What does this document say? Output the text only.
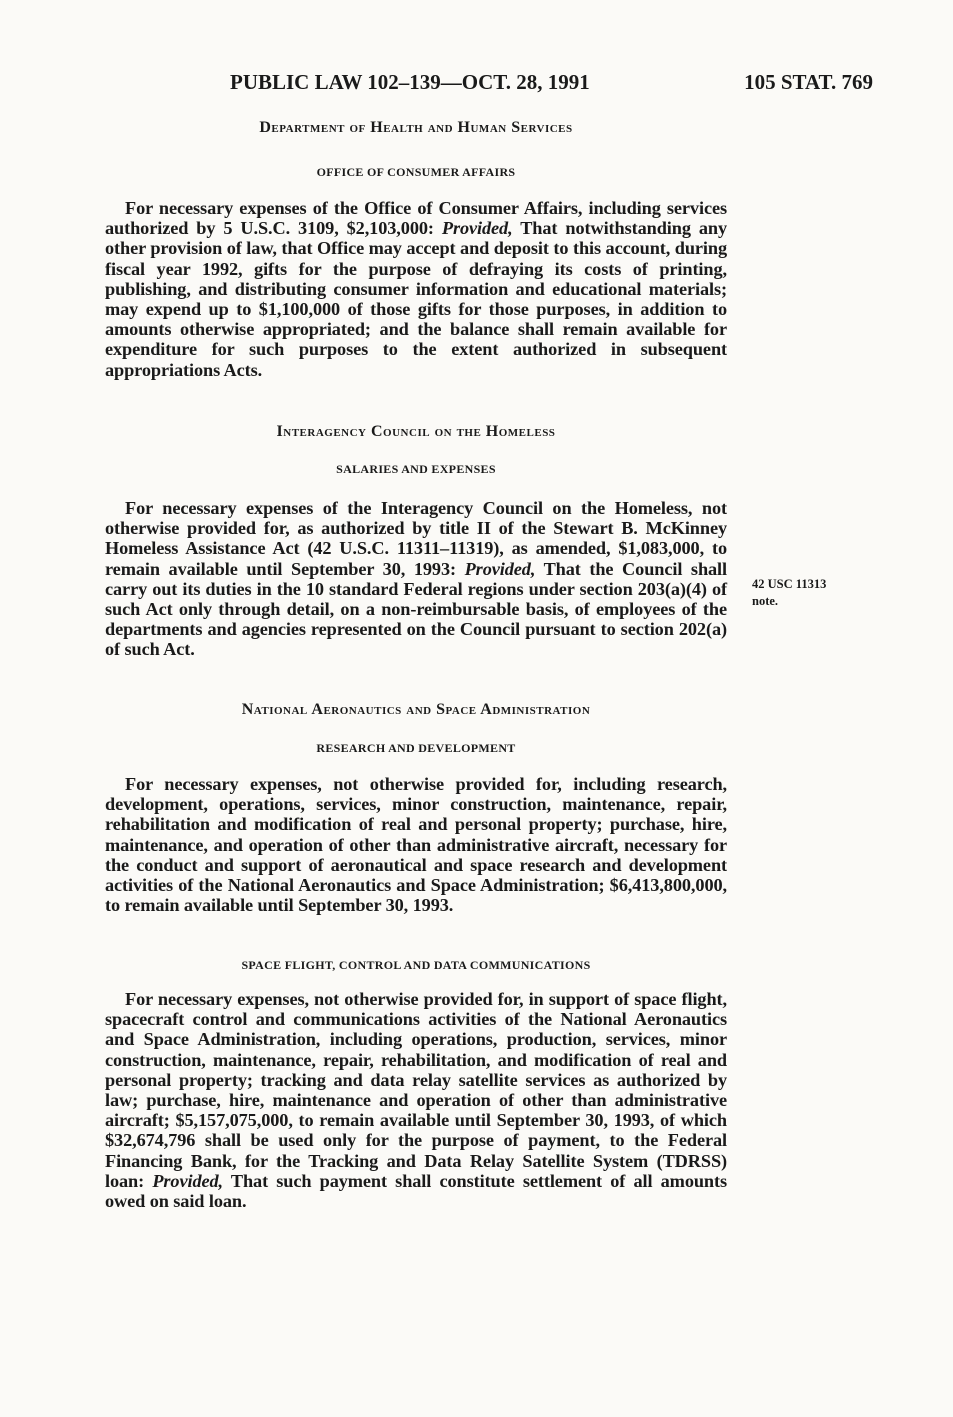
PUBLIC LAW 102–139—OCT. 28, 1991	105 STAT. 769
Department of Health and Human Services
OFFICE OF CONSUMER AFFAIRS

For necessary expenses of the Office of Consumer Affairs, including services authorized by 5 U.S.C. 3109, $2,103,000: Provided, That notwithstanding any other provision of law, that Office may accept and deposit to this account, during fiscal year 1992, gifts for the purpose of defraying its costs of printing, publishing, and distributing consumer information and educational materials; may expend up to $1,100,000 of those gifts for those purposes, in addition to amounts otherwise appropriated; and the balance shall remain available for expenditure for such purposes to the extent authorized in subsequent appropriations Acts.

Interagency Council on the Homeless
SALARIES AND EXPENSES

For necessary expenses of the Interagency Council on the Homeless, not otherwise provided for, as authorized by title II of the Stewart B. McKinney Homeless Assistance Act (42 U.S.C. 11311–11319), as amended, $1,083,000, to remain available until September 30, 1993: Provided, That the Council shall carry out its duties in the 10 standard Federal regions under section 203(a)(4) of such Act only through detail, on a non-reimbursable basis, of employees of the departments and agencies represented on the Council pursuant to section 202(a) of such Act.

42 USC 11313
note.
National Aeronautics and Space Administration
RESEARCH AND DEVELOPMENT

For necessary expenses, not otherwise provided for, including research, development, operations, services, minor construction, maintenance, repair, rehabilitation and modification of real and personal property; purchase, hire, maintenance, and operation of other than administrative aircraft, necessary for the conduct and support of aeronautical and space research and development activities of the National Aeronautics and Space Administration; $6,413,800,000, to remain available until September 30, 1993.

SPACE FLIGHT, CONTROL AND DATA COMMUNICATIONS

For necessary expenses, not otherwise provided for, in support of space flight, spacecraft control and communications activities of the National Aeronautics and Space Administration, including operations, production, services, minor construction, maintenance, repair, rehabilitation, and modification of real and personal property; tracking and data relay satellite services as authorized by law; purchase, hire, maintenance and operation of other than administrative aircraft; $5,157,075,000, to remain available until September 30, 1993, of which $32,674,796 shall be used only for the purpose of payment, to the Federal Financing Bank, for the Tracking and Data Relay Satellite System (TDRSS) loan: Provided, That such payment shall constitute settlement of all amounts owed on said loan.
